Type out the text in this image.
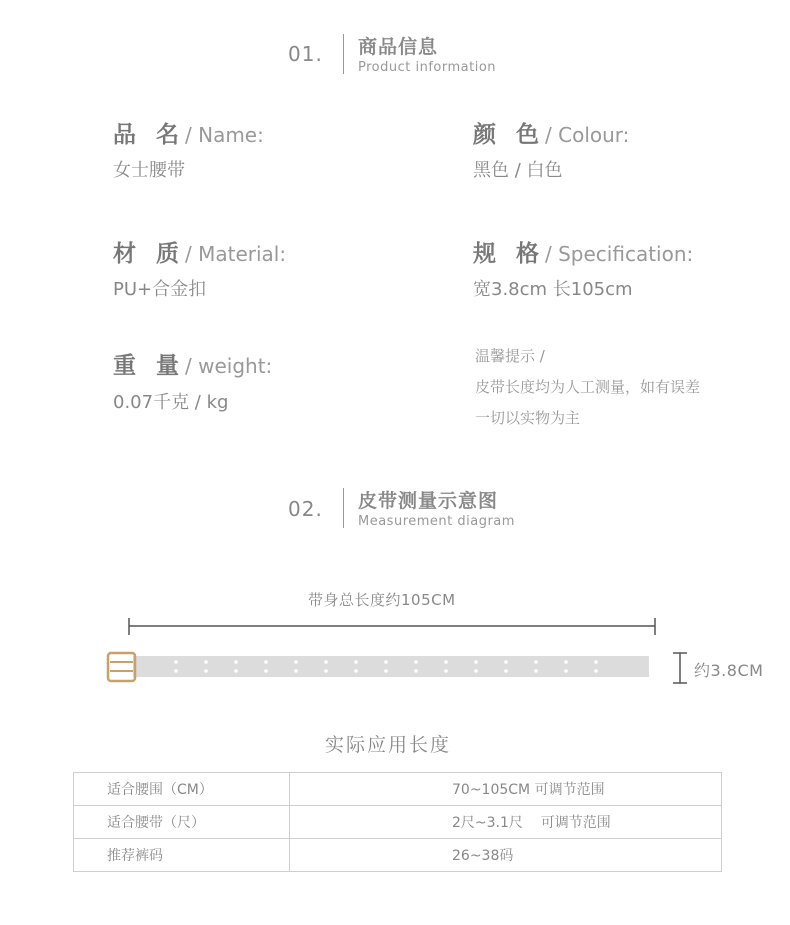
01. 商品信息
Product information
品 名/ Name:
女士腰带
颜 色/ Colour:
黑色 / 白色
材 质/ Material:
PU+合金扣
规 格/ Specification:
宽3.8cm 长105cm
重 量/ weight:
0.07千克 / kg
温馨提示 /
皮带长度均为人工测量，如有误差
一切以实物为主
02. 皮带测量示意图
Measurement diagram
带身总长度约105CM
约3.8CM
实际应用长度
适合腰围（CM）	70~105CM 可调节范围
适合腰带（尺）	2尺~3.1尺    可调节范围
推荐裤码	26~38码
